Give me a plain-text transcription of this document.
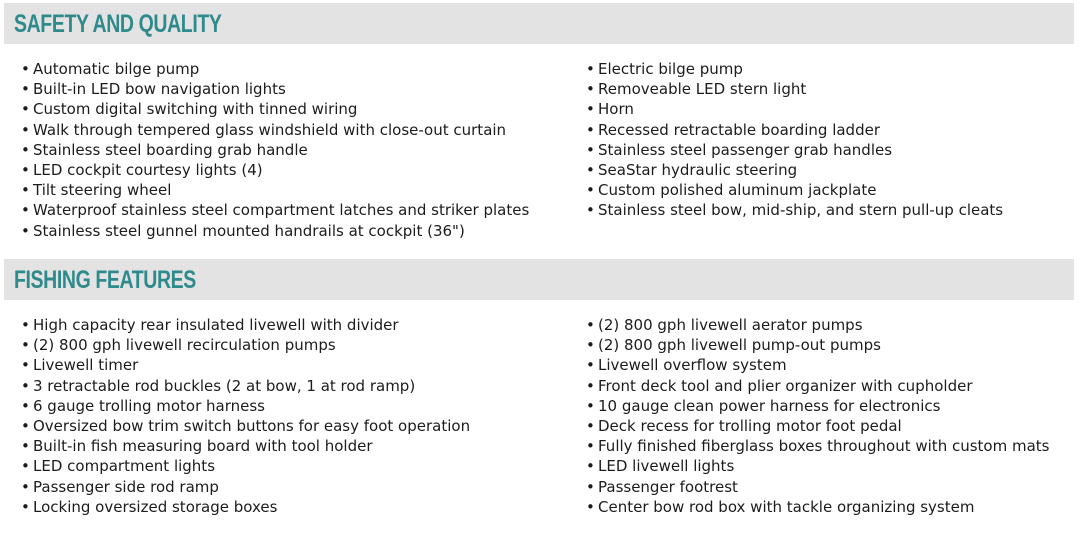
SAFETY AND QUALITY
• Automatic bilge pump
• Built-in LED bow navigation lights
• Custom digital switching with tinned wiring
• Walk through tempered glass windshield with close-out curtain
• Stainless steel boarding grab handle
• LED cockpit courtesy lights (4)
• Tilt steering wheel
• Waterproof stainless steel compartment latches and striker plates
• Stainless steel gunnel mounted handrails at cockpit (36")
• Electric bilge pump
• Removeable LED stern light
• Horn
• Recessed retractable boarding ladder
• Stainless steel passenger grab handles
• SeaStar hydraulic steering
• Custom polished aluminum jackplate
• Stainless steel bow, mid-ship, and stern pull-up cleats
FISHING FEATURES
• High capacity rear insulated livewell with divider
• (2) 800 gph livewell recirculation pumps
• Livewell timer
• 3 retractable rod buckles (2 at bow, 1 at rod ramp)
• 6 gauge trolling motor harness
• Oversized bow trim switch buttons for easy foot operation
• Built-in fish measuring board with tool holder
• LED compartment lights
• Passenger side rod ramp
• Locking oversized storage boxes
• (2) 800 gph livewell aerator pumps
• (2) 800 gph livewell pump-out pumps
• Livewell overflow system
• Front deck tool and plier organizer with cupholder
• 10 gauge clean power harness for electronics
• Deck recess for trolling motor foot pedal
• Fully finished fiberglass boxes throughout with custom mats
• LED livewell lights
• Passenger footrest
• Center bow rod box with tackle organizing system
